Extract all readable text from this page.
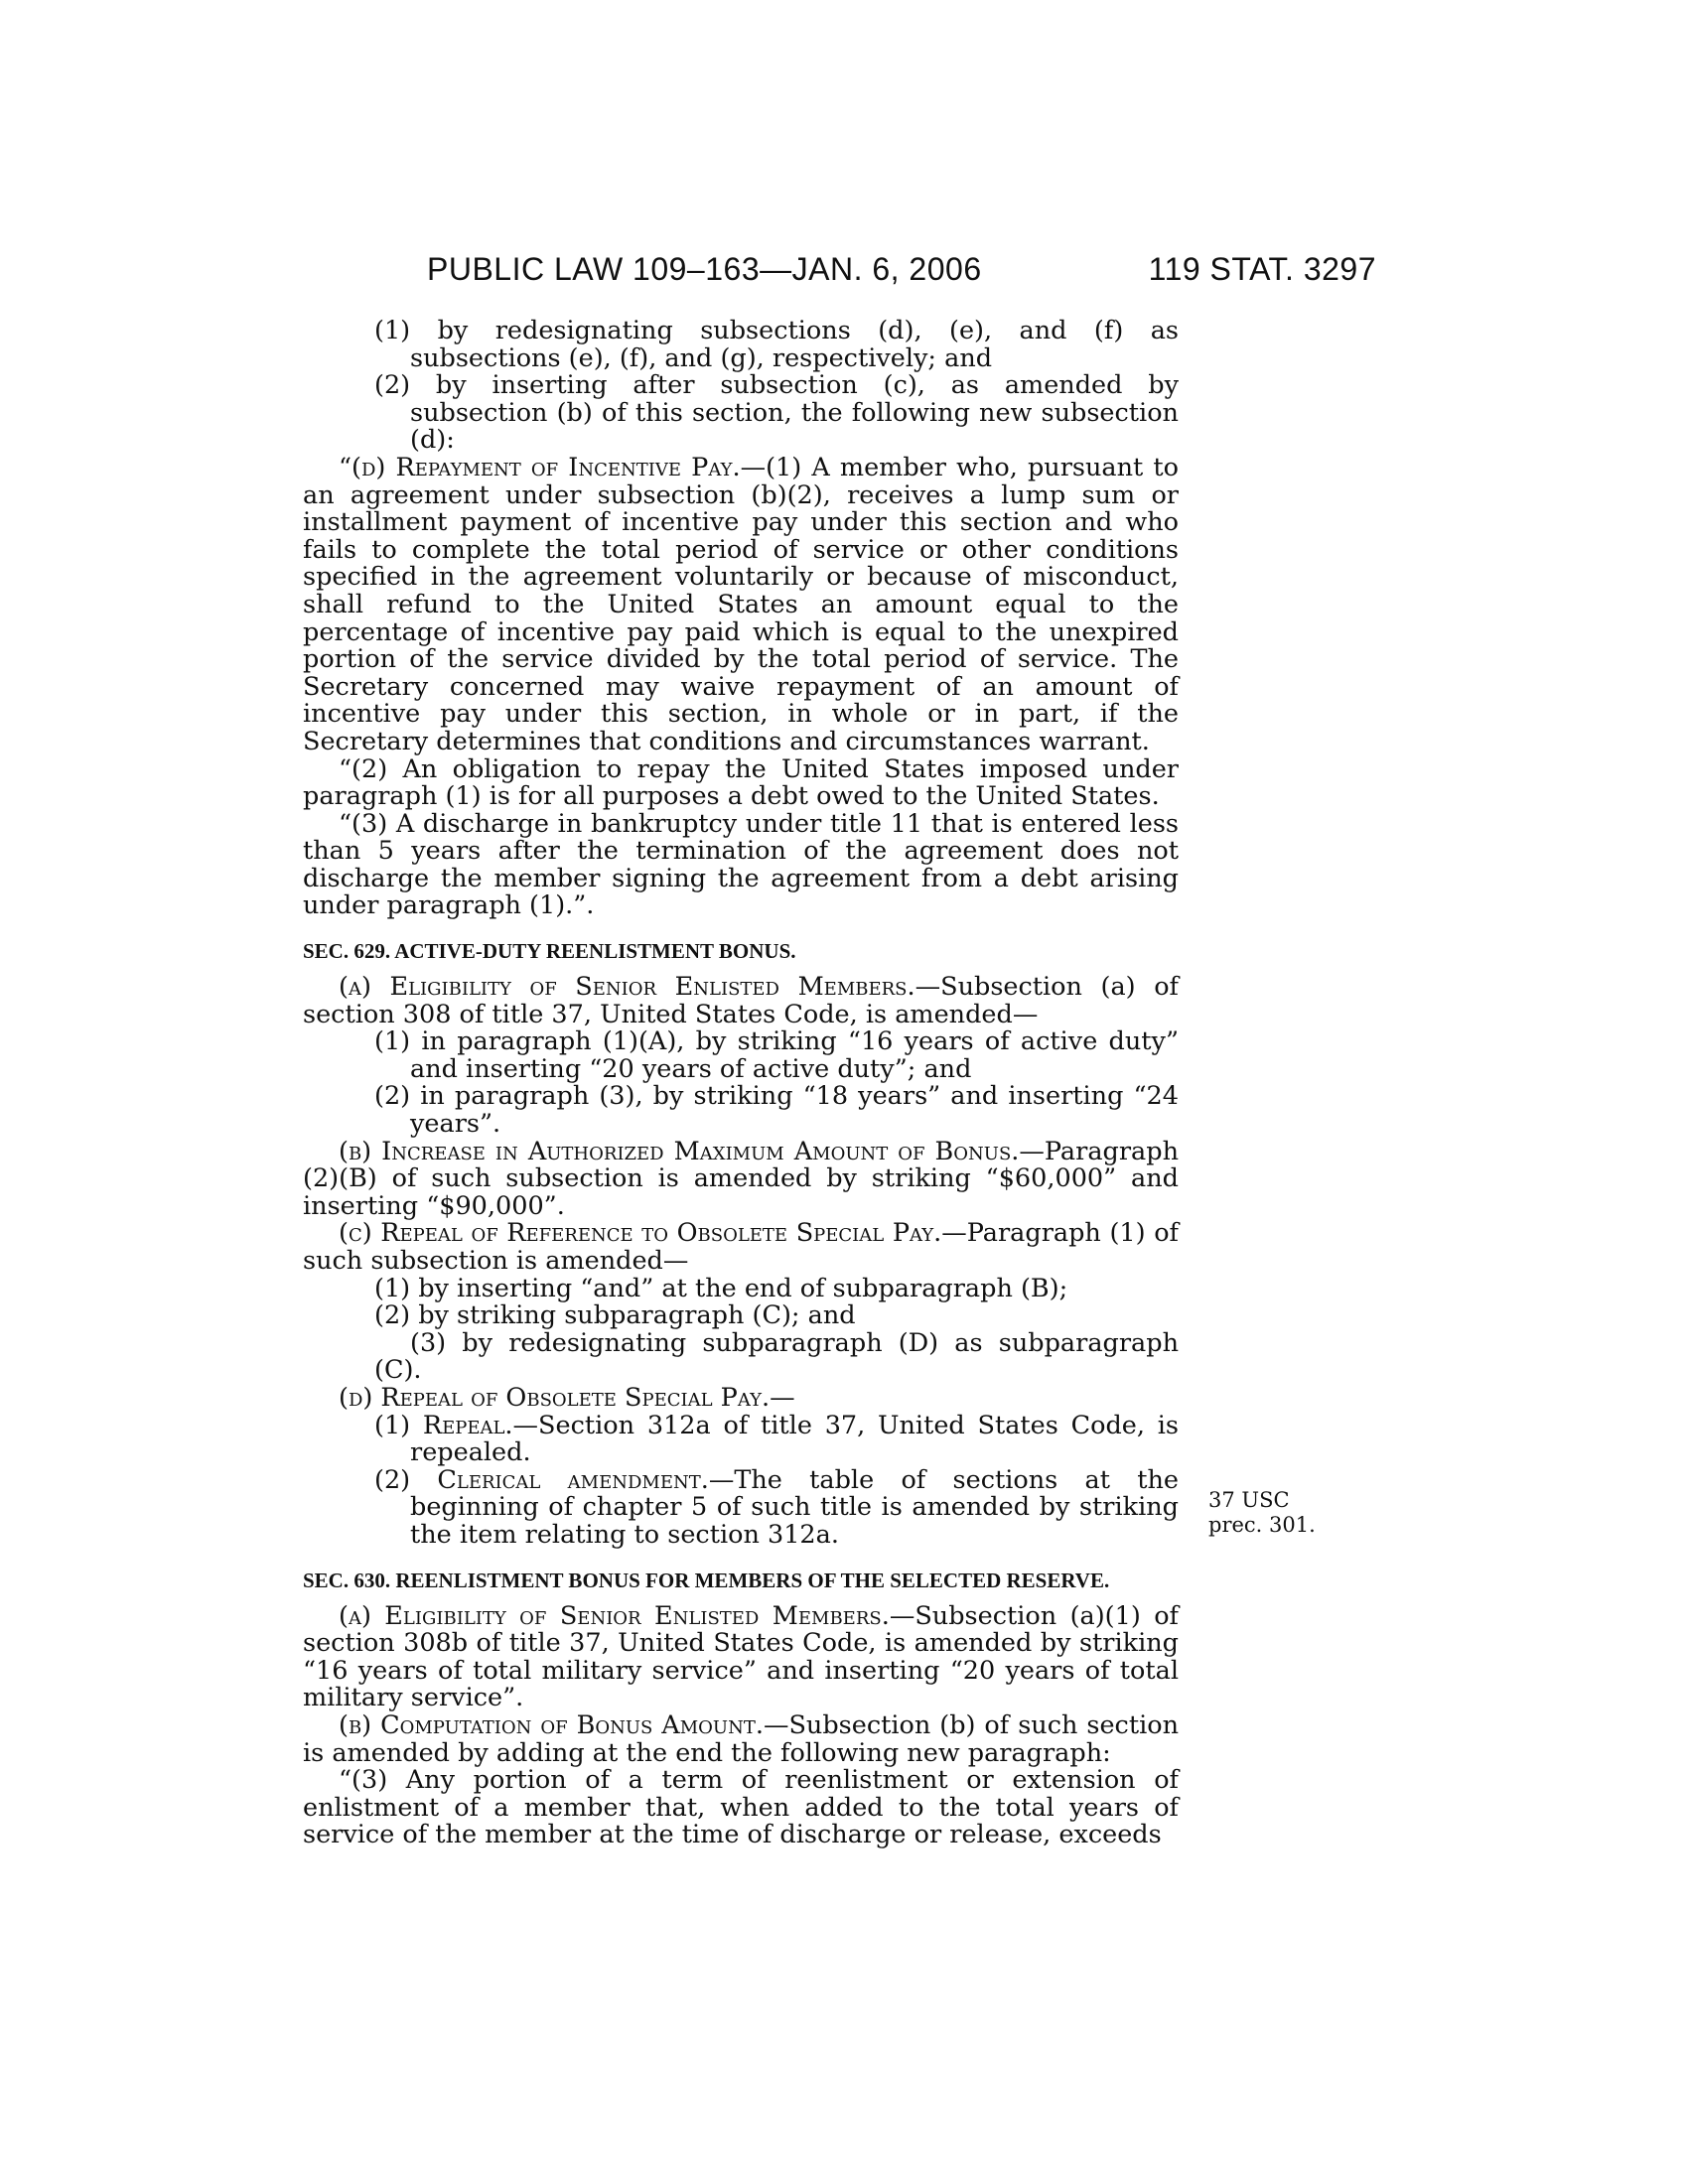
PUBLIC LAW 109–163—JAN. 6, 2006	119 STAT. 3297

(1) by redesignating subsections (d), (e), and (f) as subsections (e), (f), and (g), respectively; and

(2) by inserting after subsection (c), as amended by subsection (b) of this section, the following new subsection (d):

“(d) Repayment of Incentive Pay.—(1) A member who, pursuant to an agreement under subsection (b)(2), receives a lump sum or installment payment of incentive pay under this section and who fails to complete the total period of service or other conditions specified in the agreement voluntarily or because of misconduct, shall refund to the United States an amount equal to the percentage of incentive pay paid which is equal to the unexpired portion of the service divided by the total period of service. The Secretary concerned may waive repayment of an amount of incentive pay under this section, in whole or in part, if the Secretary determines that conditions and circumstances warrant.

“(2) An obligation to repay the United States imposed under paragraph (1) is for all purposes a debt owed to the United States.

“(3) A discharge in bankruptcy under title 11 that is entered less than 5 years after the termination of the agreement does not discharge the member signing the agreement from a debt arising under paragraph (1).”.

SEC. 629. ACTIVE-DUTY REENLISTMENT BONUS.

(a) Eligibility of Senior Enlisted Members.—Subsection (a) of section 308 of title 37, United States Code, is amended—

(1) in paragraph (1)(A), by striking “16 years of active duty” and inserting “20 years of active duty”; and

(2) in paragraph (3), by striking “18 years” and inserting “24 years”.

(b) Increase in Authorized Maximum Amount of Bonus.—Paragraph (2)(B) of such subsection is amended by striking “$60,000” and inserting “$90,000”.

(c) Repeal of Reference to Obsolete Special Pay.—Paragraph (1) of such subsection is amended—

(1) by inserting “and” at the end of subparagraph (B);

(2) by striking subparagraph (C); and

(3) by redesignating subparagraph (D) as subparagraph (C).

(d) Repeal of Obsolete Special Pay.—

(1) Repeal.—Section 312a of title 37, United States Code, is repealed.

(2) Clerical amendment.—The table of sections at the beginning of chapter 5 of such title is amended by striking the item relating to section 312a.

SEC. 630. REENLISTMENT BONUS FOR MEMBERS OF THE SELECTED RESERVE.

(a) Eligibility of Senior Enlisted Members.—Subsection (a)(1) of section 308b of title 37, United States Code, is amended by striking “16 years of total military service” and inserting “20 years of total military service”.

(b) Computation of Bonus Amount.—Subsection (b) of such section is amended by adding at the end the following new paragraph:

“(3) Any portion of a term of reenlistment or extension of enlistment of a member that, when added to the total years of service of the member at the time of discharge or release, exceeds

37 USC prec. 301.
